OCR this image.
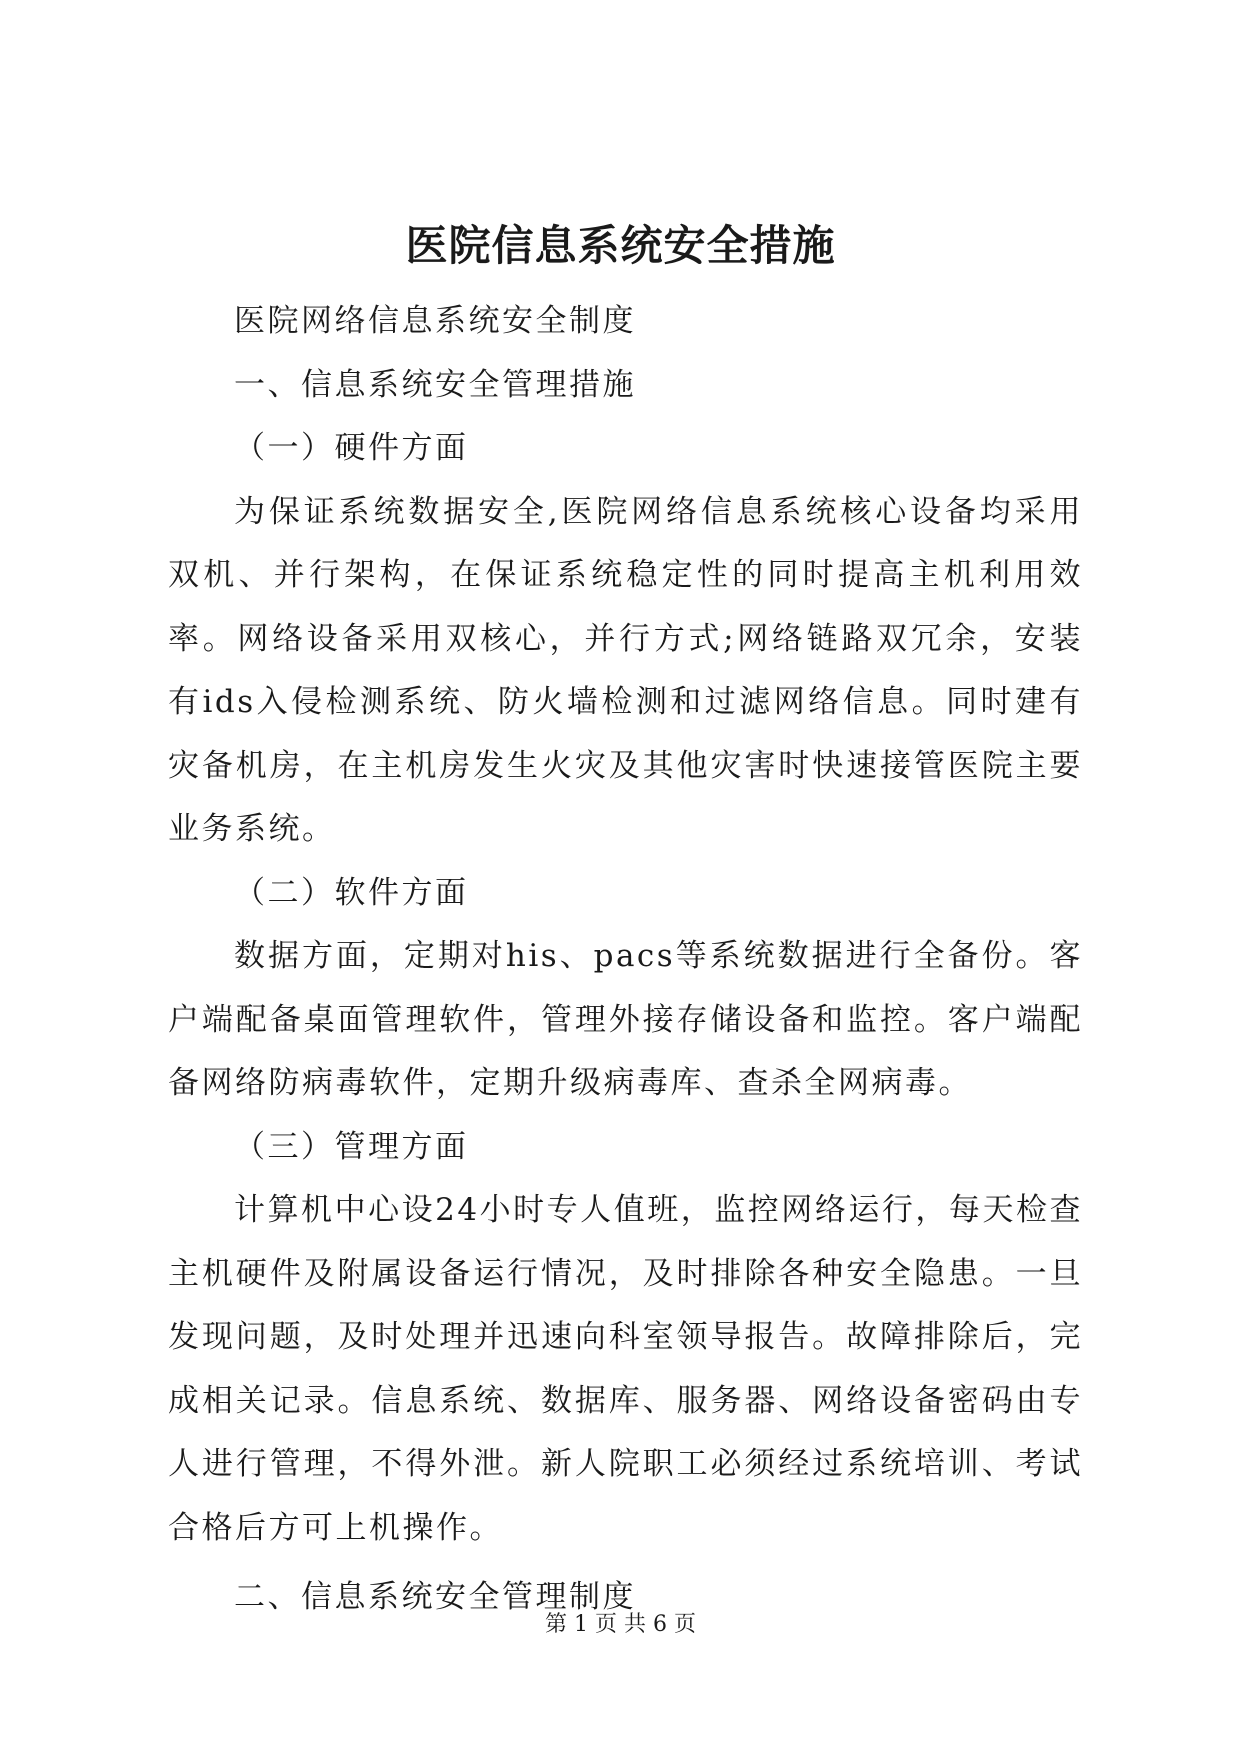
医院信息系统安全措施

医院网络信息系统安全制度

一、信息系统安全管理措施

（一）硬件方面

为保证系统数据安全,医院网络信息系统核心设备均采用双机、并行架构，在保证系统稳定性的同时提高主机利用效率。网络设备采用双核心，并行方式;网络链路双冗余，安装有ids入侵检测系统、防火墙检测和过滤网络信息。同时建有灾备机房，在主机房发生火灾及其他灾害时快速接管医院主要业务系统。

（二）软件方面

数据方面，定期对his、pacs等系统数据进行全备份。客户端配备桌面管理软件，管理外接存储设备和监控。客户端配备网络防病毒软件，定期升级病毒库、查杀全网病毒。

（三）管理方面

计算机中心设24小时专人值班，监控网络运行，每天检查主机硬件及附属设备运行情况，及时排除各种安全隐患。一旦发现问题，及时处理并迅速向科室领导报告。故障排除后，完成相关记录。信息系统、数据库、服务器、网络设备密码由专人进行管理，不得外泄。新人院职工必须经过系统培训、考试合格后方可上机操作。

二、信息系统安全管理制度

第 1 页 共 6 页
